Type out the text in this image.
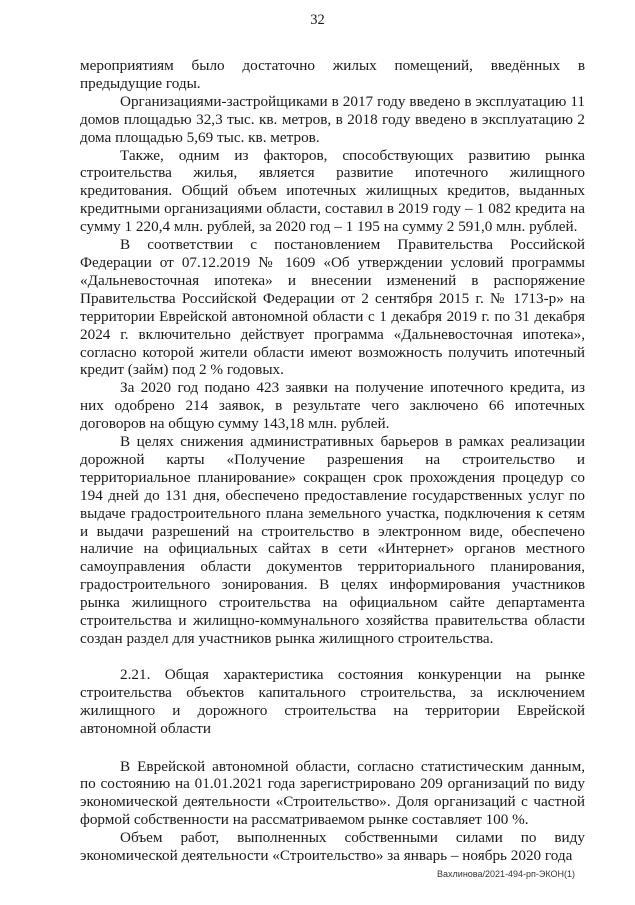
32

мероприятиям было достаточно жилых помещений, введённых в предыдущие годы.

Организациями-застройщиками в 2017 году введено в эксплуатацию 11 домов площадью 32,3 тыс. кв. метров, в 2018 году введено в эксплуатацию 2 дома площадью 5,69 тыс. кв. метров.

Также, одним из факторов, способствующих развитию рынка строительства жилья, является развитие ипотечного жилищного кредитования. Общий объем ипотечных жилищных кредитов, выданных кредитными организациями области, составил в 2019 году – 1 082 кредита на сумму 1 220,4 млн. рублей, за 2020 год – 1 195 на сумму 2 591,0 млн. рублей.

В соответствии с постановлением Правительства Российской Федерации от 07.12.2019 № 1609 «Об утверждении условий программы «Дальневосточная ипотека» и внесении изменений в распоряжение Правительства Российской Федерации от 2 сентября 2015 г. № 1713-р» на территории Еврейской автономной области с 1 декабря 2019 г. по 31 декабря 2024 г. включительно действует программа «Дальневосточная ипотека», согласно которой жители области имеют возможность получить ипотечный кредит (займ) под 2 % годовых.

За 2020 год подано 423 заявки на получение ипотечного кредита, из них одобрено 214 заявок, в результате чего заключено 66 ипотечных договоров на общую сумму 143,18 млн. рублей.

В целях снижения административных барьеров в рамках реализации дорожной карты «Получение разрешения на строительство и территориальное планирование» сокращен срок прохождения процедур со 194 дней до 131 дня, обеспечено предоставление государственных услуг по выдаче градостроительного плана земельного участка, подключения к сетям и выдачи разрешений на строительство в электронном виде, обеспечено наличие на официальных сайтах в сети «Интернет» органов местного самоуправления области документов территориального планирования, градостроительного зонирования. В целях информирования участников рынка жилищного строительства на официальном сайте департамента строительства и жилищно-коммунального хозяйства правительства области создан раздел для участников рынка жилищного строительства.

2.21. Общая характеристика состояния конкуренции на рынке строительства объектов капитального строительства, за исключением жилищного и дорожного строительства на территории Еврейской автономной области

В Еврейской автономной области, согласно статистическим данным, по состоянию на 01.01.2021 года зарегистрировано 209 организаций по виду экономической деятельности «Строительство». Доля организаций с частной формой собственности на рассматриваемом рынке составляет 100 %.

Объем работ, выполненных собственными силами по виду экономической деятельности «Строительство» за январь – ноябрь 2020 года

Вахлинова/2021-494-рп-ЭКОН(1)
